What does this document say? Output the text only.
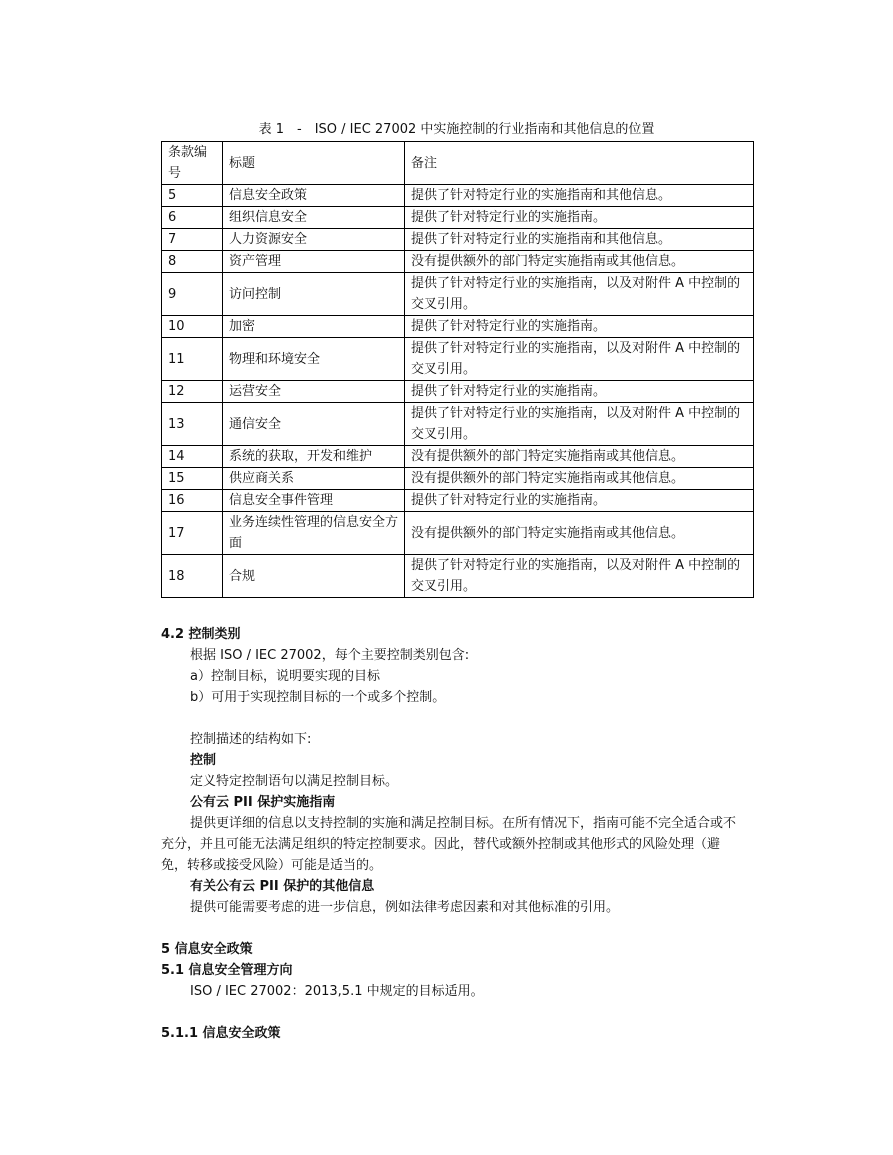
表 1　-　ISO / IEC 27002 中实施控制的行业指南和其他信息的位置
条款编号	标题	备注
5	信息安全政策	提供了针对特定行业的实施指南和其他信息。
6	组织信息安全	提供了针对特定行业的实施指南。
7	人力资源安全	提供了针对特定行业的实施指南和其他信息。
8	资产管理	没有提供额外的部门特定实施指南或其他信息。
9	访问控制	提供了针对特定行业的实施指南，以及对附件 A 中控制的交叉引用。
10	加密	提供了针对特定行业的实施指南。
11	物理和环境安全	提供了针对特定行业的实施指南，以及对附件 A 中控制的交叉引用。
12	运营安全	提供了针对特定行业的实施指南。
13	通信安全	提供了针对特定行业的实施指南，以及对附件 A 中控制的交叉引用。
14	系统的获取，开发和维护	没有提供额外的部门特定实施指南或其他信息。
15	供应商关系	没有提供额外的部门特定实施指南或其他信息。
16	信息安全事件管理	提供了针对特定行业的实施指南。
17	业务连续性管理的信息安全方面	没有提供额外的部门特定实施指南或其他信息。
18	合规	提供了针对特定行业的实施指南，以及对附件 A 中控制的交叉引用。

4.2 控制类别

根据 ISO / IEC 27002，每个主要控制类别包含:

a）控制目标，说明要实现的目标

b）可用于实现控制目标的一个或多个控制。

控制描述的结构如下:

控制

定义特定控制语句以满足控制目标。

公有云 PII 保护实施指南

提供更详细的信息以支持控制的实施和满足控制目标。在所有情况下，指南可能不完全适合或不充分，并且可能无法满足组织的特定控制要求。因此，替代或额外控制或其他形式的风险处理（避免，转移或接受风险）可能是适当的。

有关公有云 PII 保护的其他信息

提供可能需要考虑的进一步信息，例如法律考虑因素和对其他标准的引用。

5 信息安全政策

5.1 信息安全管理方向

ISO / IEC 27002：2013,5.1 中规定的目标适用。

5.1.1 信息安全政策
